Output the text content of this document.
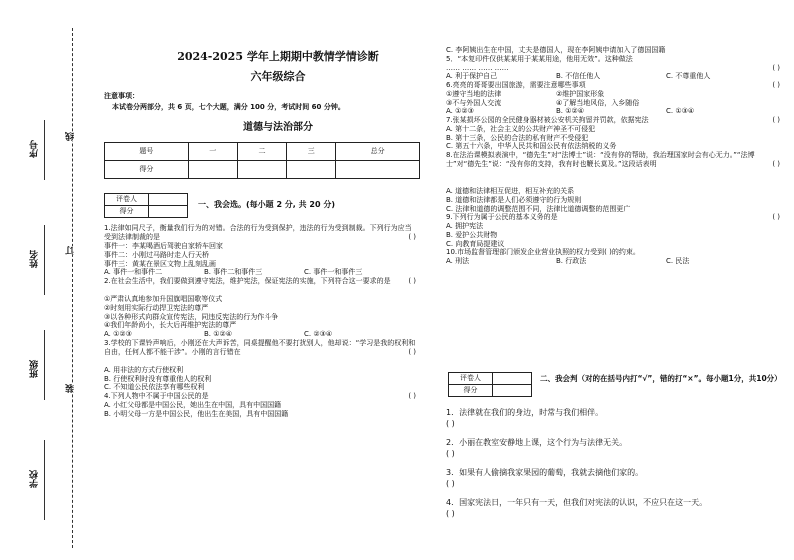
序号
姓名
班级
学校
线
订
装
2024-2025 学年上期期中教情学情诊断
六年级综合
注意事项：
本试卷分两部分，共 6 页，七个大题，满分 100 分，考试时间 60 分钟。
道德与法治部分
题号	一	二	三	总分
得分				
评卷人	
得分	
一、我会选。(每小题 2 分, 共 20 分)

1.法律如同尺子，衡量我们行为的对错。合法的行为受到保护，违法的行为受到制裁。下列行为应当受到法律制裁的是	( )

事件一：李某喝酒后驾驶自家轿车回家

事件二：小刚过马路时走人行天桥

事件三：黄某在景区文物上乱刻乱画

A. 事件一和事件二	B. 事件二和事件三	C. 事件一和事件三

2.在社会生活中，我们要做到遵守宪法，维护宪法，保证宪法的实施，下列符合这一要求的是	( )

①严肃认真地参加升国旗唱国歌等仪式

②时刻用实际行动捍卫宪法的尊严

③以各种形式向群众宣传宪法，同违反宪法的行为作斗争

④我们年龄尚小，长大后再维护宪法的尊严

A. ①②③	B. ①②④	C. ②③④

3.学校的下课铃声响后，小刚还在大声诉苦，同桌提醒他不要打扰别人，他却说：“学习是我的权利和自由，任何人都不能干涉”。小刚的言行错在	( )

A. 用非法的方式行使权利

B. 行使权利时没有尊重他人的权利

C. 不知道公民依法享有哪些权利

4.下列人物中不属于中国公民的是	( )

A. 小红父母都是中国公民，她出生在中国，具有中国国籍

B. 小明父母一方是中国公民，他出生在美国，具有中国国籍

C. 李阿姨出生在中国，丈夫是德国人，现在李阿姨申请加入了德国国籍

5．“本复印件仅供某某用于某某用途，他用无效”。这种做法

…… …… …… ……	( )

A. 利于保护自己	B. 不信任他人	C. 不尊重他人

6.亮亮的哥哥要出国旅游，需要注意哪些事项	( )

①遵守当地的法律	②维护国家形象

③不与外国人交流	④了解当地风俗，入乡随俗

A. ①②③	B. ①②④	C. ①③④

7.张某损坏公园的全民健身器材被公安机关拘留并罚款，依据宪法	( )

A. 第十二条，社会主义的公共财产神圣不可侵犯

B. 第十三条，公民的合法的私有财产不受侵犯

C. 第五十六条，中华人民共和国公民有依法纳税的义务

8.在法治课模拟表演中，“德先生”对“法博士”说：“没有你的帮助，我治理国家时会有心无力。”“法博士”对“德先生”说：“没有你的支持，我有时也鞭长莫及。”这段话表明	( )

A. 道德和法律相互促进，相互补充的关系

B. 道德和法律都是人们必须遵守的行为规则

C. 法律和道德的调整范围不同，法律比道德调整的范围更广

9.下列行为属于公民的基本义务的是	( )

A. 拥护宪法

B. 爱护公共财物

C. 向教育局提建议

10.市场监督管理部门颁发企业营业执照的权力受到( )的约束。

A. 刑法	B. 行政法	C. 民法

评卷人	
得分	
二、我会判（对的在括号内打“√”，错的打“×”。每小题1分，共10分）

1．法律就在我们的身边，时常与我们相伴。
( )

2．小丽在教室安静地上课，这个行为与法律无关。
( )

3．如果有人偷摘我家果园的葡萄，我就去摘他们家的。
( )

4．国家宪法日，一年只有一天，但我们对宪法的认识，不应只在这一天。
( )
